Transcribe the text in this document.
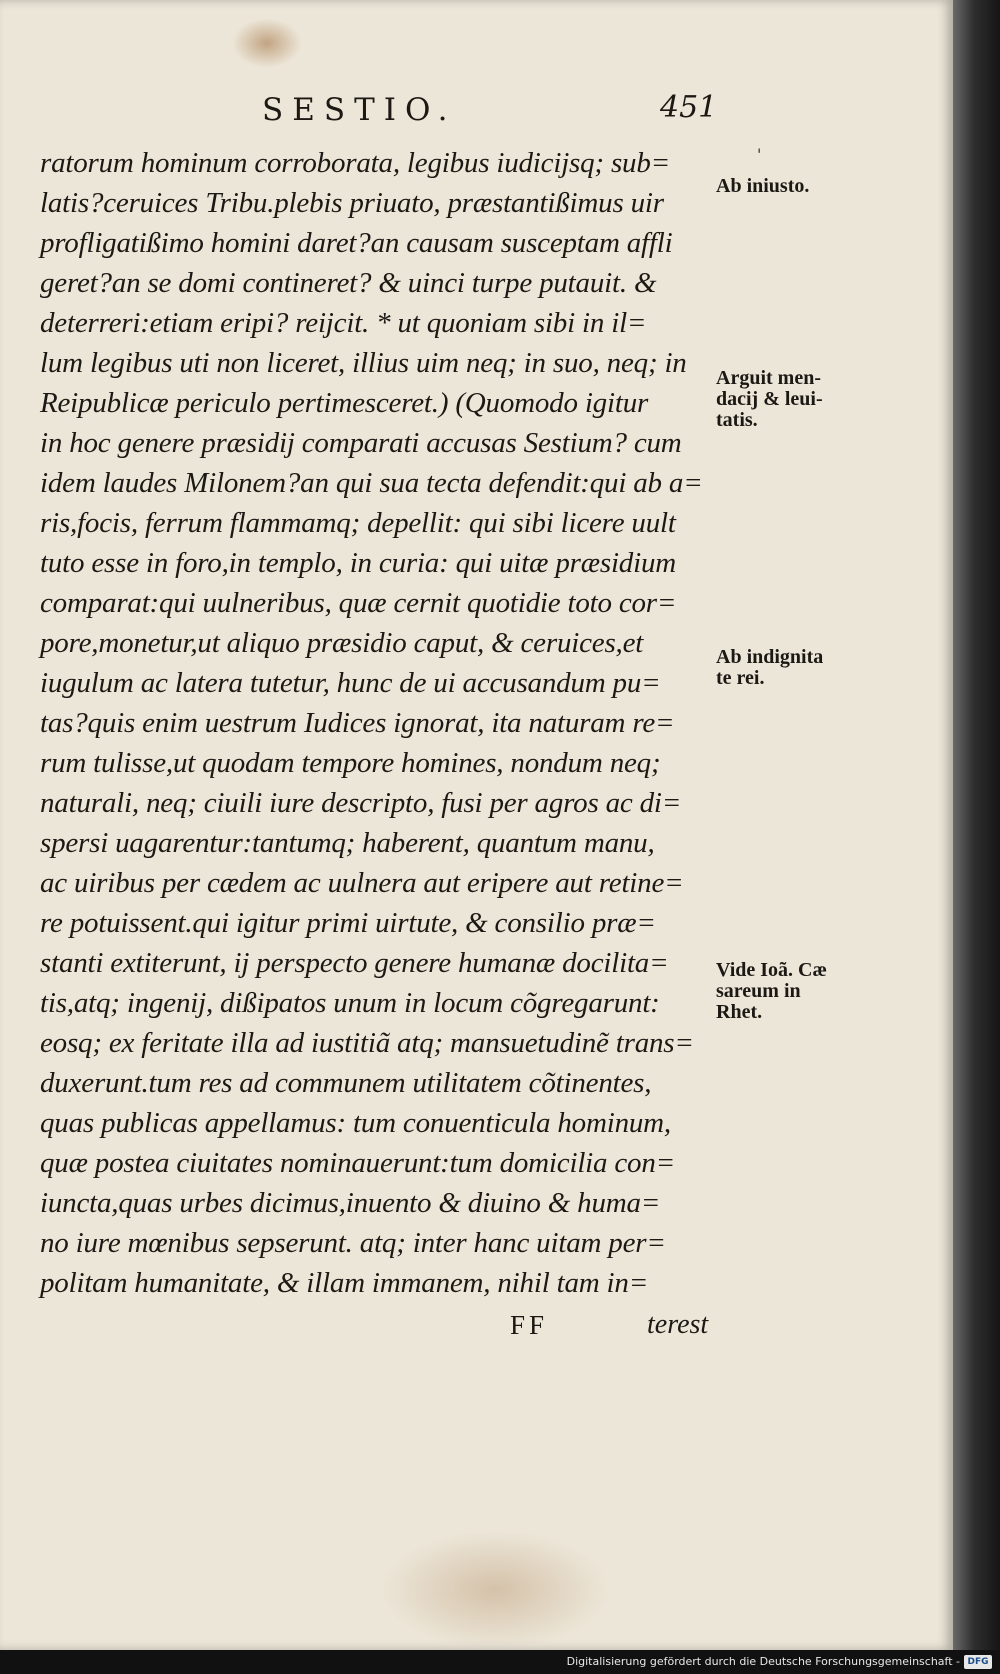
SESTIO.	451
'
ratorum hominum corroborata, legibus iudicijsq; sub=
latis?ceruices Tribu.plebis priuato, præstantißimus uir
profligatißimo homini daret?an causam susceptam affli
geret?an se domi contineret? & uinci turpe putauit. &
deterreri:etiam eripi? reijcit. * ut quoniam sibi in il=
lum legibus uti non liceret, illius uim neq; in suo, neq; in
Reipublicæ periculo pertimesceret.) (Quomodo igitur
in hoc genere præsidij comparati accusas Sestium? cum
idem laudes Milonem?an qui sua tecta defendit:qui ab a=
ris,focis, ferrum flammamq; depellit: qui sibi licere uult
tuto esse in foro,in templo, in curia: qui uitæ præsidium
comparat:qui uulneribus, quæ cernit quotidie toto cor=
pore,monetur,ut aliquo præsidio caput, & ceruices,et
iugulum ac latera tutetur, hunc de ui accusandum pu=
tas?quis enim uestrum Iudices ignorat, ita naturam re=
rum tulisse,ut quodam tempore homines, nondum neq;
naturali, neq; ciuili iure descripto, fusi per agros ac di=
spersi uagarentur:tantumq; haberent, quantum manu,
ac uiribus per cædem ac uulnera aut eripere aut retine=
re potuissent.qui igitur primi uirtute, & consilio præ=
stanti extiterunt, ij perspecto genere humanæ docilita=
tis,atq; ingenij, dißipatos unum in locum cõgregarunt:
eosq; ex feritate illa ad iustitiã atq; mansuetudinẽ trans=
duxerunt.tum res ad communem utilitatem cõtinentes,
quas publicas appellamus: tum conuenticula hominum,
quæ postea ciuitates nominauerunt:tum domicilia con=
iuncta,quas urbes dicimus,inuento & diuino & huma=
no iure mœnibus sepserunt. atq; inter hanc uitam per=
politam humanitate, & illam immanem, nihil tam in=
Ab iniusto.
Arguit men-
dacij & leui-
tatis.
Ab indignita
te rei.
Vide Ioã. Cæ
sareum in
Rhet.
FF	terest
Digitalisierung gefördert durch die Deutsche Forschungsgemeinschaft - DFG
